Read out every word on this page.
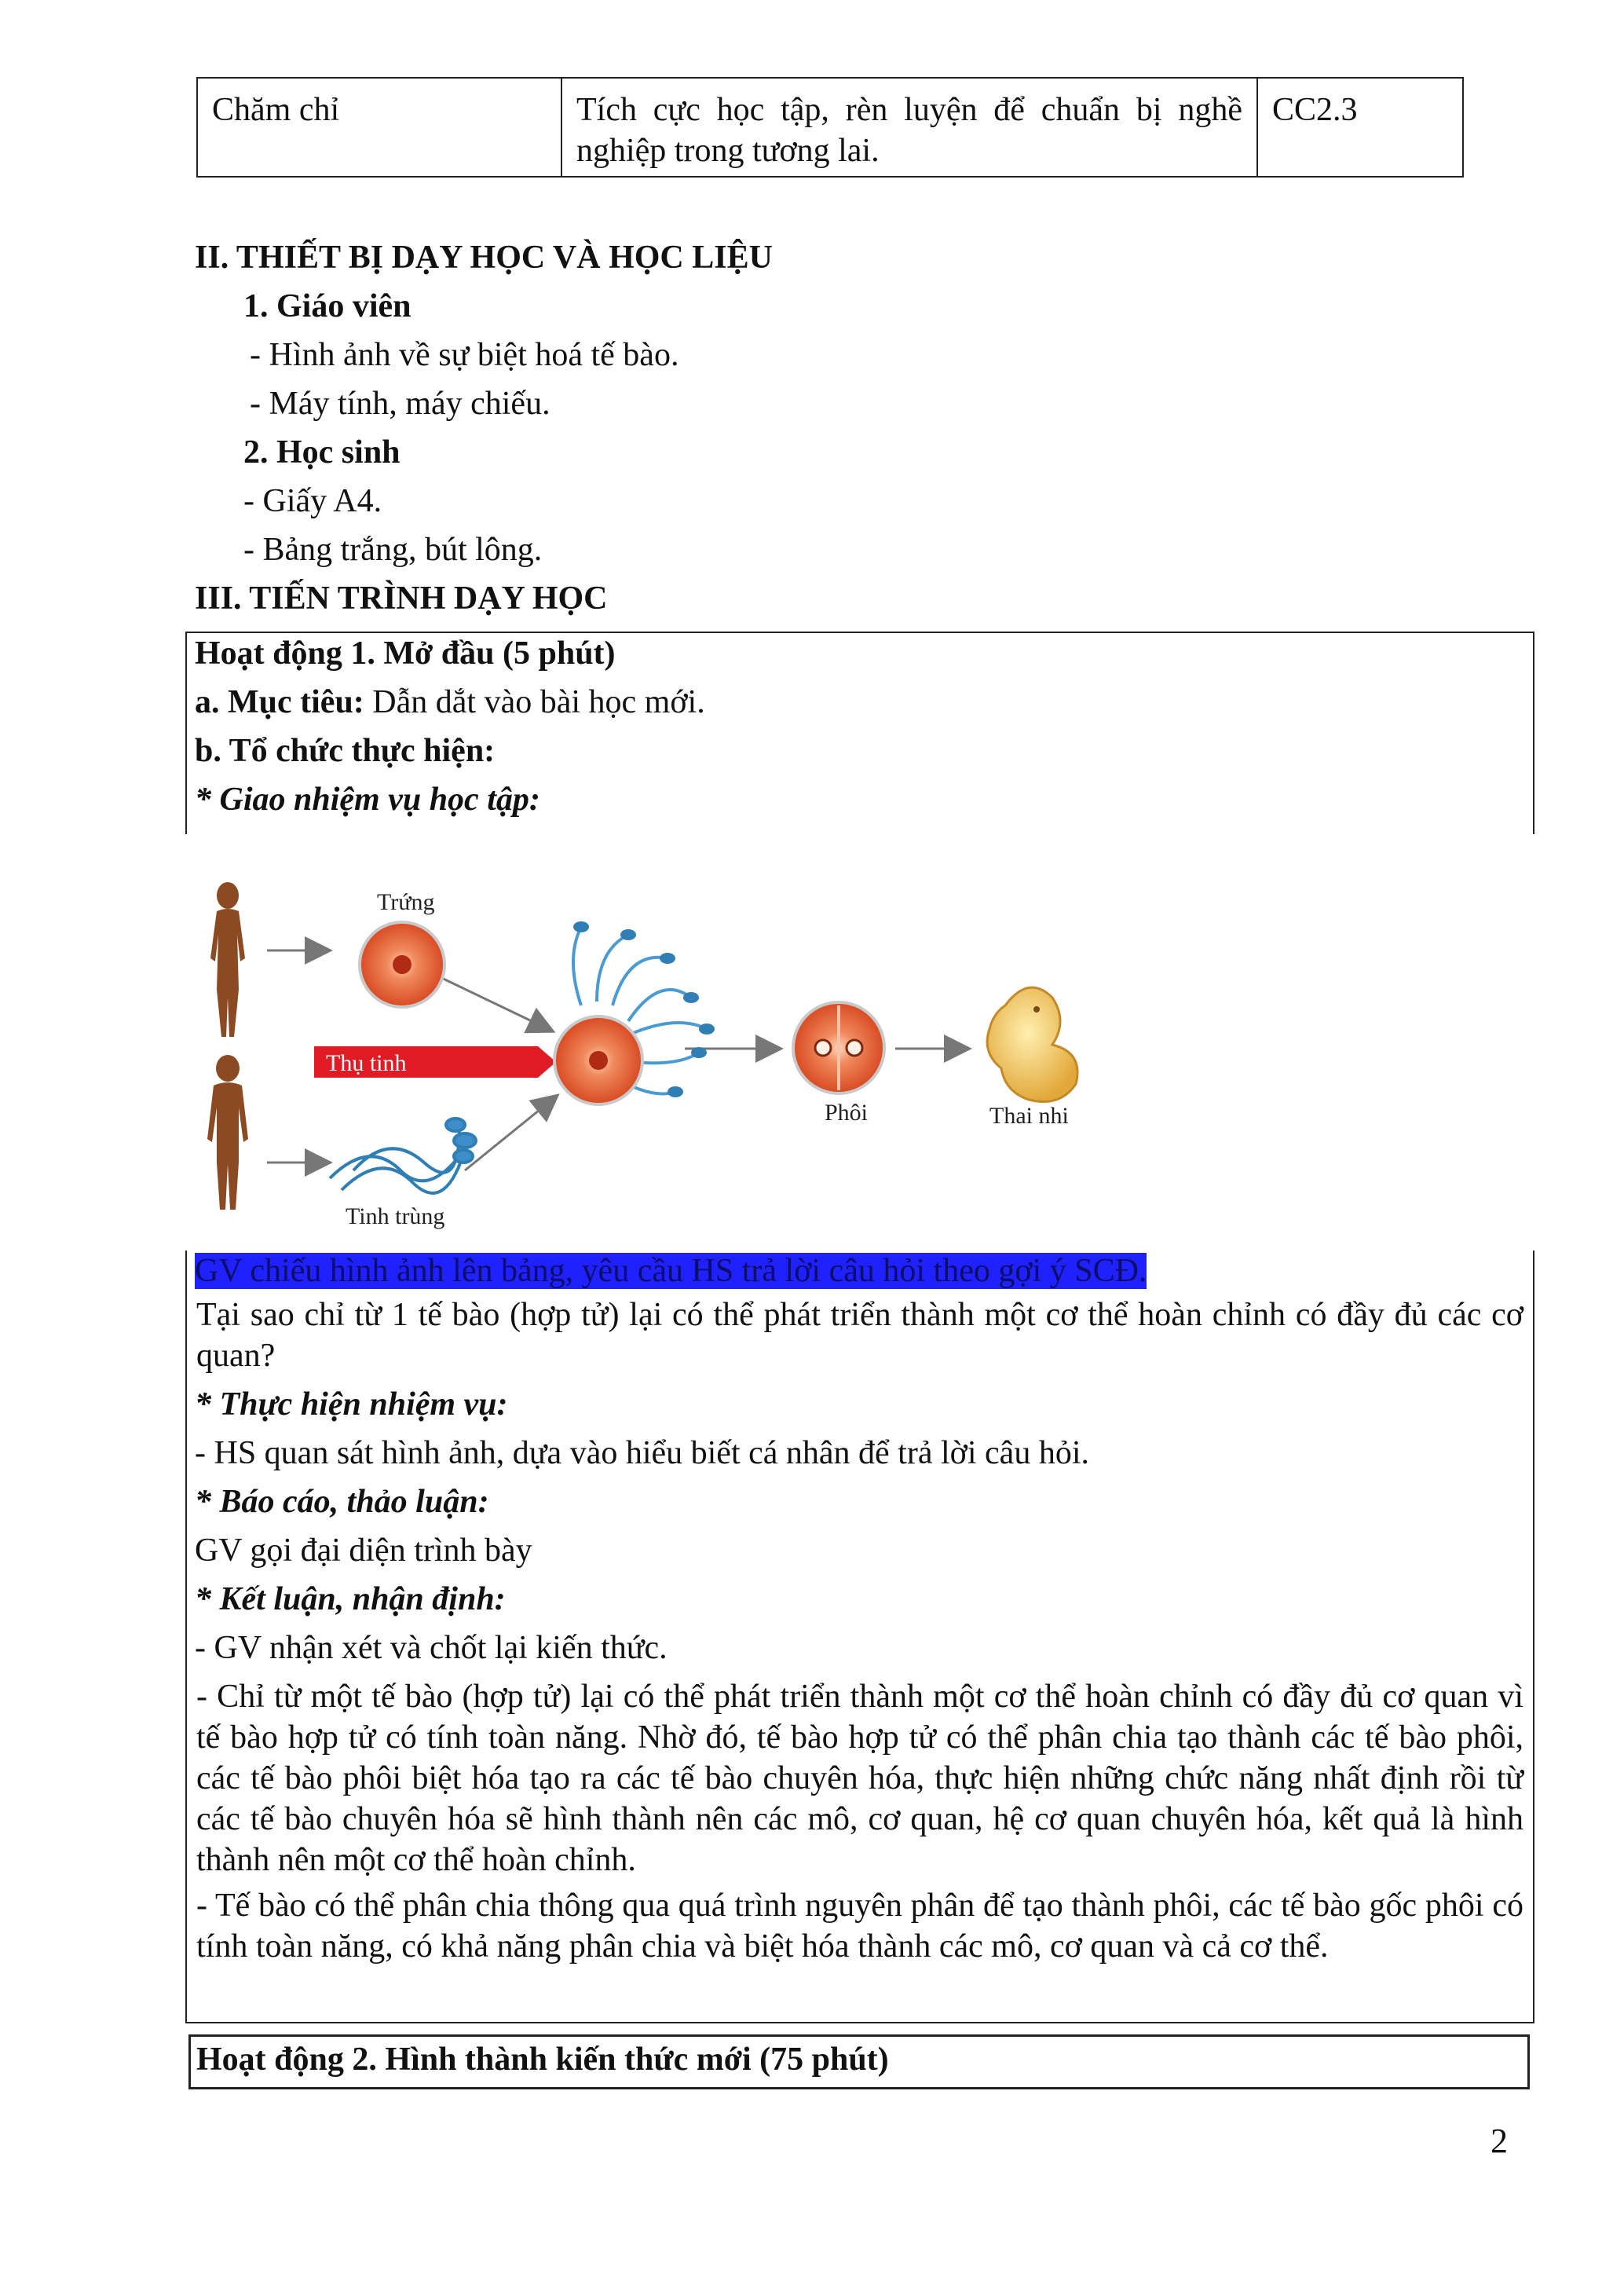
Chăm chỉ	Tích cực học tập, rèn luyện để chuẩn bị nghề nghiệp trong tương lai.
CC2.3
II. THIẾT BỊ DẠY HỌC VÀ HỌC LIỆU
1. Giáo viên
- Hình ảnh về sự biệt hoá tế bào.
- Máy tính, máy chiếu.
2. Học sinh
- Giấy A4.
- Bảng trắng, bút lông.
III. TIẾN TRÌNH DẠY HỌC
Hoạt động 1. Mở đầu (5 phút)
a. Mục tiêu: Dẫn dắt vào bài học mới.
b. Tổ chức thực hiện:
* Giao nhiệm vụ học tập:
Trứng
Tinh trùng
Thụ tinh
Phôi	Thai nhi
GV chiếu hình ảnh lên bảng, yêu cầu HS trả lời câu hỏi theo gợi ý SCĐ.
Tại sao chỉ từ 1 tế bào (hợp tử) lại có thể phát triển thành một cơ thể hoàn chỉnh có đầy đủ các cơ quan?
* Thực hiện nhiệm vụ:
- HS quan sát hình ảnh, dựa vào hiểu biết cá nhân để trả lời câu hỏi.
* Báo cáo, thảo luận:
GV gọi đại diện trình bày
* Kết luận, nhận định:
- GV nhận xét và chốt lại kiến thức.
- Chỉ từ một tế bào (hợp tử) lại có thể phát triển thành một cơ thể hoàn chỉnh có đầy đủ cơ quan vì tế bào hợp tử có tính toàn năng. Nhờ đó, tế bào hợp tử có thể phân chia tạo thành các tế bào phôi, các tế bào phôi biệt hóa tạo ra các tế bào chuyên hóa, thực hiện những chức năng nhất định rồi từ các tế bào chuyên hóa sẽ hình thành nên các mô, cơ quan, hệ cơ quan chuyên hóa, kết quả là hình thành nên một cơ thể hoàn chỉnh.
- Tế bào có thể phân chia thông qua quá trình nguyên phân để tạo thành phôi, các tế bào gốc phôi có tính toàn năng, có khả năng phân chia và biệt hóa thành các mô, cơ quan và cả cơ thể.
Hoạt động 2. Hình thành kiến thức mới (75 phút)
2
